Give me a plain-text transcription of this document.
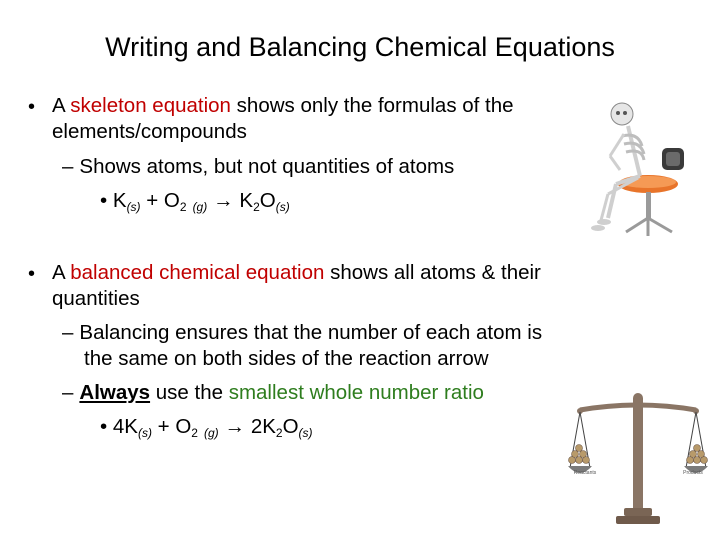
Writing and Balancing Chemical Equations
• A skeleton equation shows only the formulas of the
elements/compounds
– Shows atoms, but not quantities of atoms
• $K_{(s)} + O_2$ $_{(g)} \to K_2O_{(s)}$
• A balanced chemical equation shows all atoms & their
quantities
– Balancing ensures that the number of each atom is
the same on both sides of the reaction arrow
– Always use the smallest whole number ratio
• $4K_{(s)} + O_2$ $_{(g)} \to 2K_2O_{(s)}$
Reactants	Products
